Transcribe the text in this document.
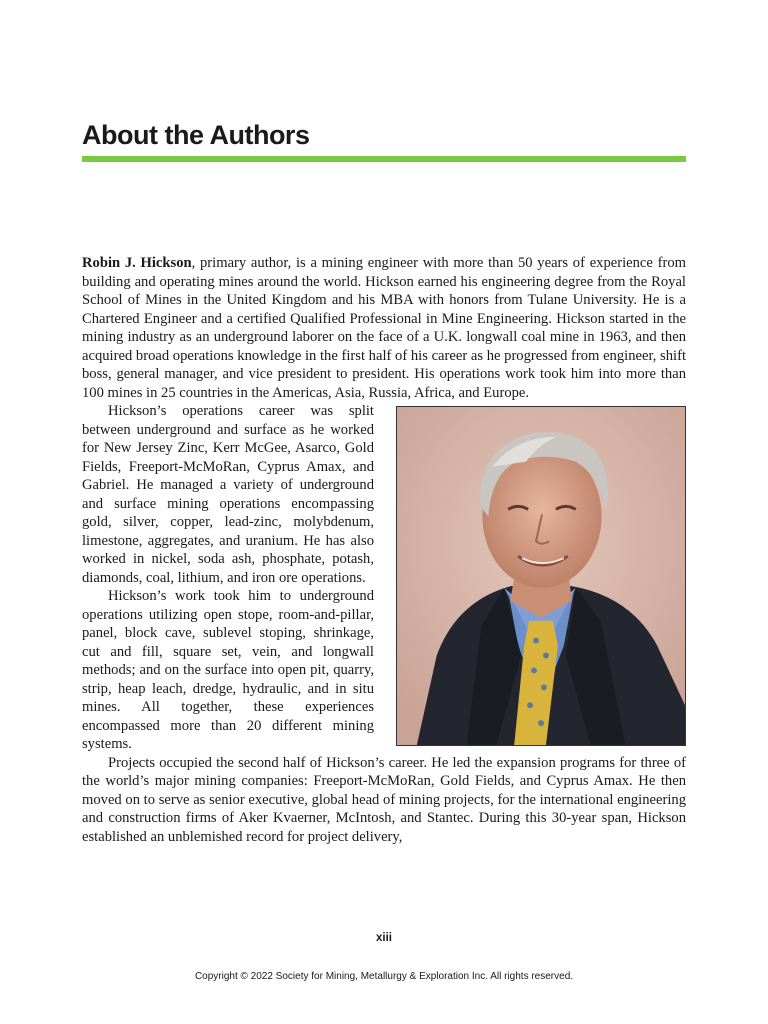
About the Authors

Robin J. Hickson, primary author, is a mining engineer with more than 50 years of experience from building and operating mines around the world. Hickson earned his engineering degree from the Royal School of Mines in the United Kingdom and his MBA with honors from Tulane University. He is a Chartered Engineer and a certified Qualified Professional in Mine Engineering. Hickson started in the mining industry as an underground laborer on the face of a U.K. longwall coal mine in 1963, and then acquired broad operations knowledge in the first half of his career as he progressed from engineer, shift boss, general manager, and vice president to president. His operations work took him into more than 100 mines in 25 countries in the Americas, Asia, Russia, Africa, and Europe.

Hickson’s operations career was split between underground and surface as he worked for New Jersey Zinc, Kerr McGee, Asarco, Gold Fields, Freeport-McMoRan, Cyprus Amax, and Gabriel. He managed a variety of underground and surface mining operations encompassing gold, silver, copper, lead-zinc, molybdenum, limestone, aggregates, and uranium. He has also worked in nickel, soda ash, phosphate, potash, diamonds, coal, lithium, and iron ore operations.

Hickson’s work took him to underground operations utilizing open stope, room-and-pillar, panel, block cave, sublevel stoping, shrinkage, cut and fill, square set, vein, and longwall methods; and on the surface into open pit, quarry, strip, heap leach, dredge, hydraulic, and in situ mines. All together, these experiences encompassed more than 20 different mining systems.

Projects occupied the second half of Hickson’s career. He led the expansion programs for three of the world’s major mining companies: Freeport-McMoRan, Gold Fields, and Cyprus Amax. He then moved on to serve as senior executive, global head of mining projects, for the international engineering and construction firms of Aker Kvaerner, McIntosh, and Stantec. During this 30-year span, Hickson established an unblemished record for project delivery,

xiii
Copyright © 2022 Society for Mining, Metallurgy & Exploration Inc. All rights reserved.
